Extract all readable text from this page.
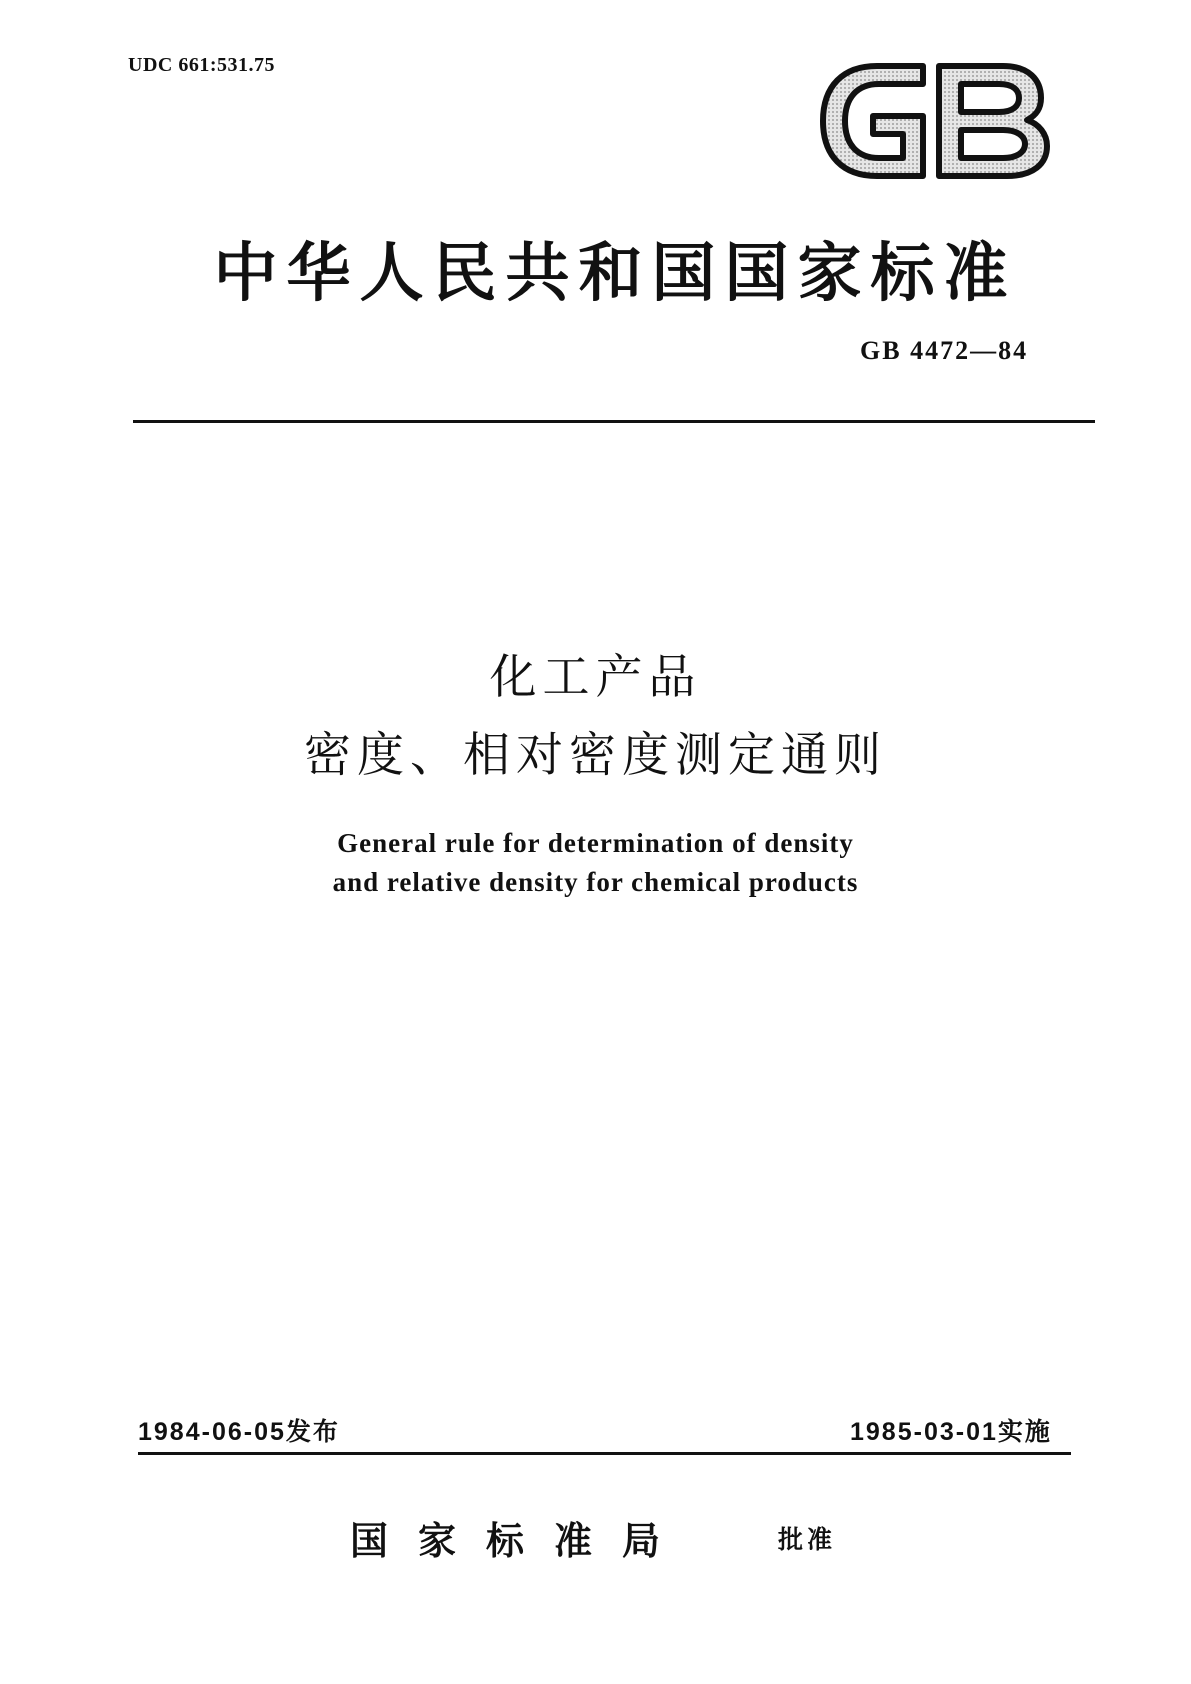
UDC 661:531.75
中华人民共和国国家标准
GB 4472—84
化工产品
密度、相对密度测定通则
General rule for determination of density
and relative density for chemical products
1984-06-05发布	1985-03-01实施
国家标准局	批准
